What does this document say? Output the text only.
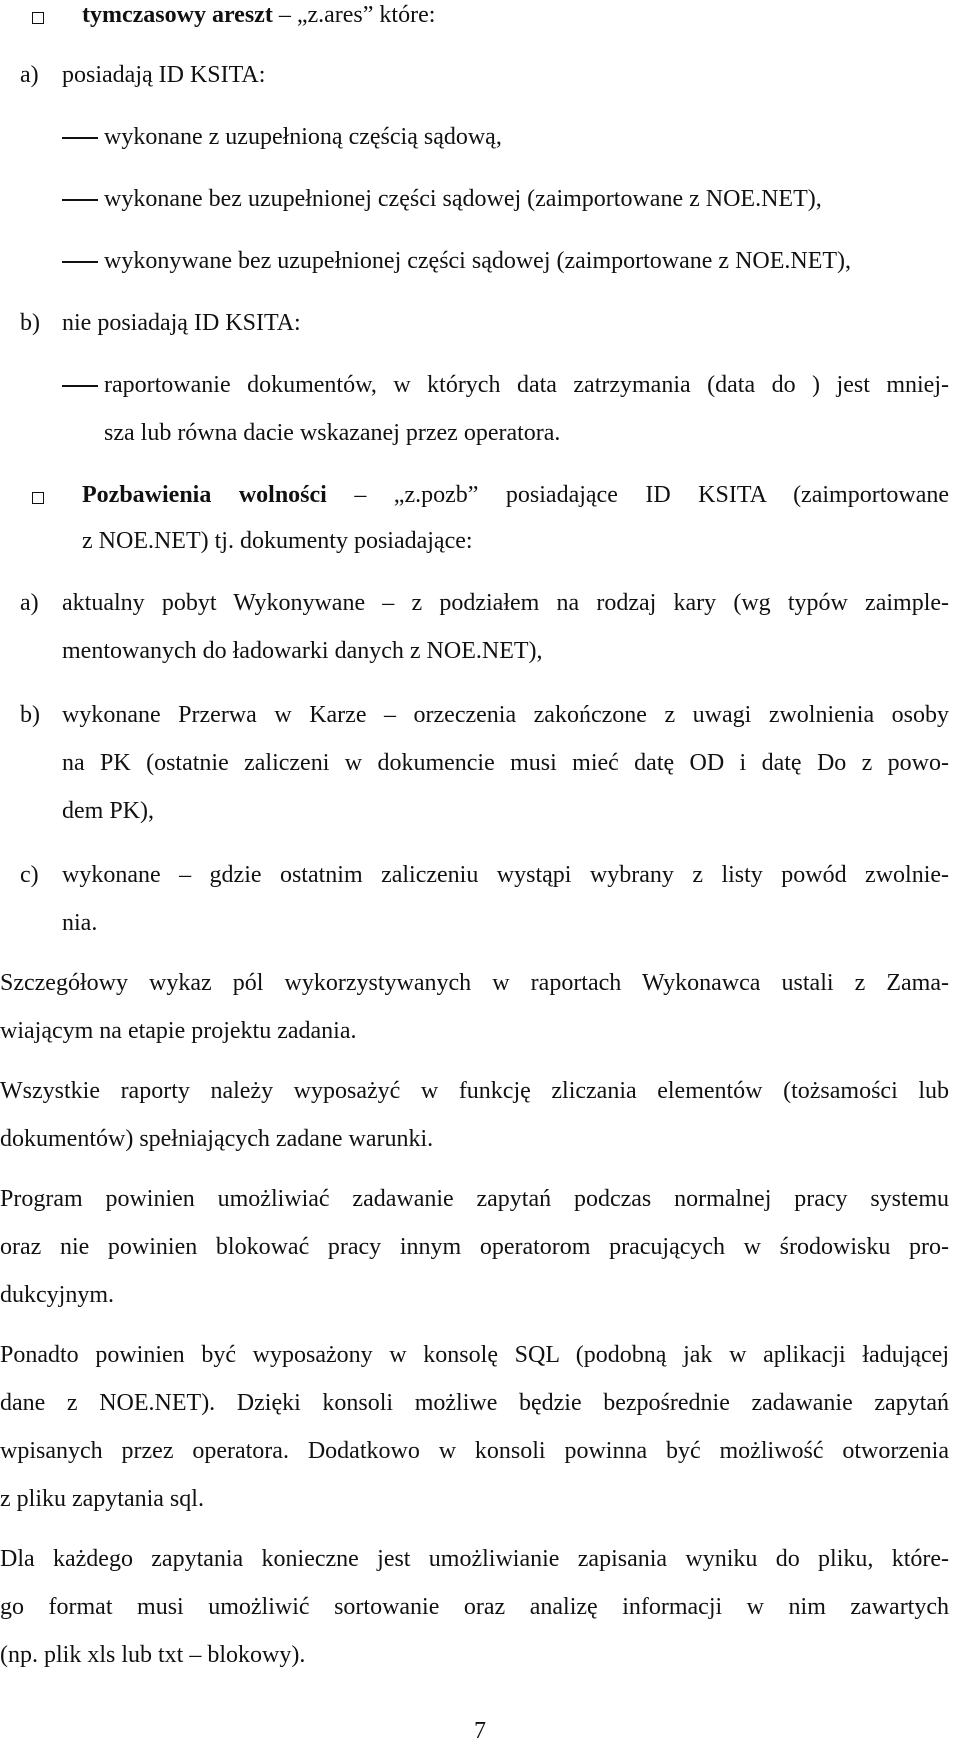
tymczasowy areszt – „z.ares” które:
a) posiadają ID KSITA:
wykonane z uzupełnioną częścią sądową,
wykonane bez uzupełnionej części sądowej (zaimportowane z NOE.NET),
wykonywane bez uzupełnionej części sądowej (zaimportowane z NOE.NET),
b) nie posiadają ID KSITA:
raportowanie dokumentów, w których data zatrzymania (data do ) jest mniej-
sza lub równa dacie wskazanej przez operatora.
Pozbawienia wolności – „z.pozb” posiadające ID KSITA (zaimportowane
z NOE.NET) tj. dokumenty posiadające:
a) aktualny pobyt Wykonywane – z podziałem na rodzaj kary (wg typów zaimple-
mentowanych do ładowarki danych z NOE.NET),
b) wykonane Przerwa w Karze – orzeczenia zakończone z uwagi zwolnienia osoby
na PK (ostatnie zaliczeni w dokumencie musi mieć datę OD i datę Do z powo-
dem PK),
c) wykonane – gdzie ostatnim zaliczeniu wystąpi wybrany z listy powód zwolnie-
nia.
Szczegółowy wykaz pól wykorzystywanych w raportach Wykonawca ustali z Zama-
wiającym na etapie projektu zadania.
Wszystkie raporty należy wyposażyć w funkcję zliczania elementów (tożsamości lub
dokumentów) spełniających zadane warunki.
Program powinien umożliwiać zadawanie zapytań podczas normalnej pracy systemu
oraz nie powinien blokować pracy innym operatorom pracujących w środowisku pro-
dukcyjnym.
Ponadto powinien być wyposażony w konsolę SQL (podobną jak w aplikacji ładującej
dane z NOE.NET). Dzięki konsoli możliwe będzie bezpośrednie zadawanie zapytań
wpisanych przez operatora. Dodatkowo w konsoli powinna być możliwość otworzenia
z pliku zapytania sql.
Dla każdego zapytania konieczne jest umożliwianie zapisania wyniku do pliku, które-
go format musi umożliwić sortowanie oraz analizę informacji w nim zawartych
(np. plik xls lub txt – blokowy).
7
